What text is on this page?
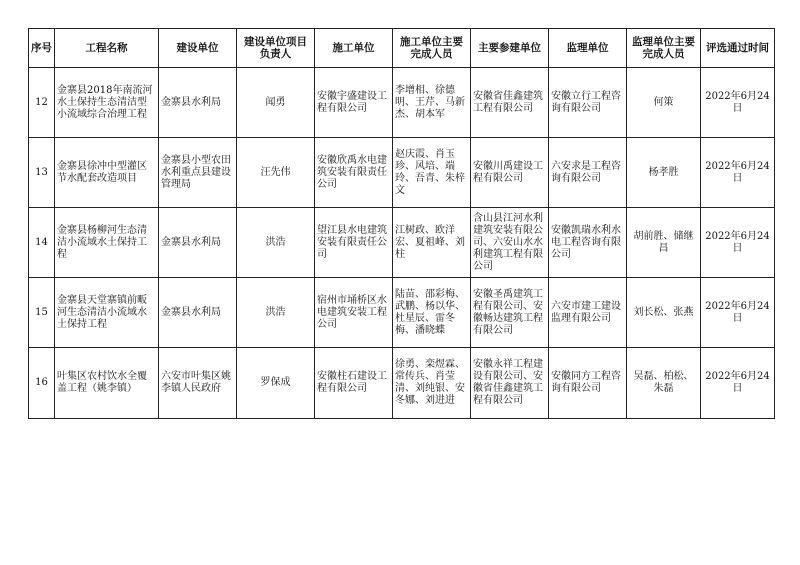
序号	工程名称	建设单位	建设单位项目负责人	施工单位	施工单位主要完成人员	主要参建单位	监理单位	监理单位主要完成人员	评选通过时间
12	金寨县2018年南流河水土保持生态清洁型小流域综合治理工程	金寨县水利局	闻勇	安徽宇盛建设工程有限公司	李增相、徐德明、王芹、马新杰、胡本军	安徽省佳鑫建筑工程有限公司	安徽立行工程咨询有限公司	何策	2022年6月24日
13	金寨县徐冲中型灌区节水配套改造项目	金寨县小型农田水利重点县建设管理局	汪先伟	安徽欣禹水电建筑安装有限责任公司	赵庆霞、肖玉珍、风培、端玲、吾青、朱梓文	安徽川禹建设工程有限公司	六安求是工程咨询有限公司	杨孝胜	2022年6月24日
14	金寨县杨柳河生态清洁小流域水土保持工程	金寨县水利局	洪浩	望江县水电建筑安装有限责任公司	江树政、欧洋宏、夏祖峰、刘柱	含山县江河水利建筑安装有限公司、六安山水水利建筑工程有限公司	安徽凯瑞水利水电工程咨询有限公司	胡前胜、储继昌	2022年6月24日
15	金寨县天堂寨镇前畈河生态清洁小流域水土保持工程	金寨县水利局	洪浩	宿州市埇桥区水电建筑安装工程公司	陆苗、邵彩梅、武鹏、杨以华、杜星辰、雷冬梅、潘晓蝶	安徽圣禹建筑工程有限公司、安徽畅达建筑工程有限公司	六安市建工建设监理有限公司	刘长松、张燕	2022年6月24日
16	叶集区农村饮水全覆盖工程（姚李镇）	六安市叶集区姚李镇人民政府	罗保成	安徽柱石建设工程有限公司	徐勇、栾煜霖、常传兵、肖莹清、刘纯银、安冬娜、刘进进	安徽永祥工程建设有限公司、安徽省佳鑫建筑工程有限公司	安徽同方工程咨询有限公司	吴磊、柏松、朱磊	2022年6月24日
